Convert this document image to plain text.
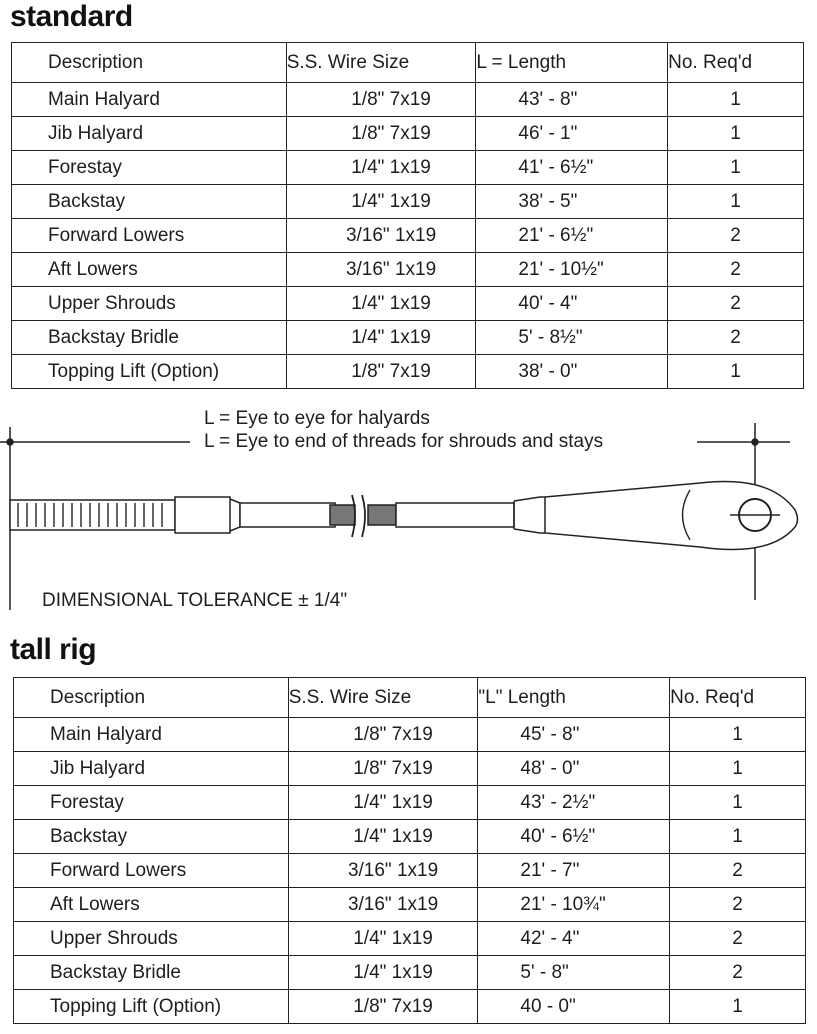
standard
Description	S.S. Wire Size	L = Length	No. Req'd
Main Halyard	1/8" 7x19	43' - 8"	1
Jib Halyard	1/8" 7x19	46' - 1"	1
Forestay	1/4" 1x19	41' - 6½"	1
Backstay	1/4" 1x19	38' - 5"	1
Forward Lowers	3/16" 1x19	21' - 6½"	2
Aft Lowers	3/16" 1x19	21' - 10½"	2
Upper Shrouds	1/4" 1x19	40' - 4"	2
Backstay Bridle	1/4" 1x19	5' - 8½"	2
Topping Lift (Option)	1/8" 7x19	38' - 0"	1
L = Eye to eye for halyards
L = Eye to end of threads for shrouds and stays
DIMENSIONAL TOLERANCE ± 1/4"
tall rig
Description	S.S. Wire Size	"L" Length	No. Req'd
Main Halyard	1/8" 7x19	45' - 8"	1
Jib Halyard	1/8" 7x19	48' - 0"	1
Forestay	1/4" 1x19	43' - 2½"	1
Backstay	1/4" 1x19	40' - 6½"	1
Forward Lowers	3/16" 1x19	21' - 7"	2
Aft Lowers	3/16" 1x19	21' - 10¾"	2
Upper Shrouds	1/4" 1x19	42' - 4"	2
Backstay Bridle	1/4" 1x19	5' - 8"	2
Topping Lift (Option)	1/8" 7x19	40 - 0"	1
